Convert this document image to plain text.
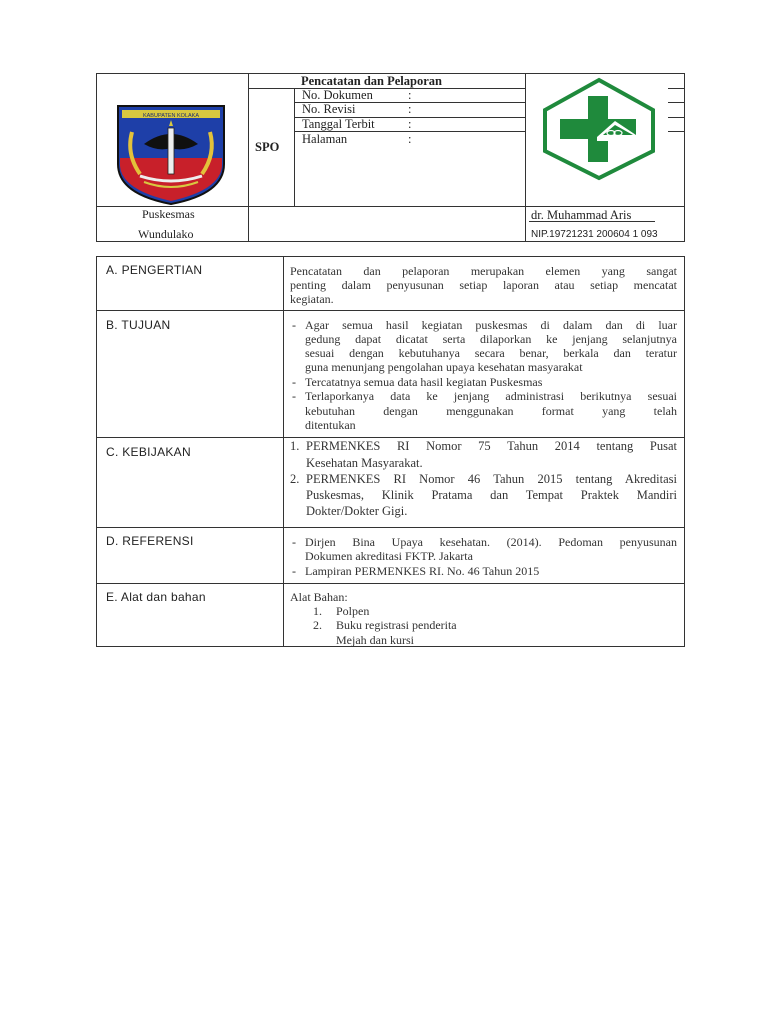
KABUPATEN KOLAKA
Pencatatan dan Pelaporan
SPO
No. Dokumen	:
No. Revisi	:
Tanggal Terbit	:
Halaman	:
Puskesmas
Wundulako
dr. Muhammad Aris
NIP.19721231 200604 1 093
A. PENGERTIAN	Pencatatan dan pelaporan merupakan elemen yang sangat
penting dalam penyusunan setiap laporan atau setiap mencatat
kegiatan.
B. TUJUAN	- Agar semua hasil kegiatan puskesmas di dalam dan di luar
gedung dapat dicatat serta dilaporkan ke jenjang selanjutnya
sesuai dengan kebutuhanya secara benar, berkala dan teratur
guna menunjang pengolahan upaya kesehatan masyarakat
- Tercatatnya semua data hasil kegiatan Puskesmas
- Terlaporkanya data ke jenjang administrasi berikutnya sesuai
kebutuhan dengan menggunakan format yang telah
ditentukan
C. KEBIJAKAN	1. PERMENKES RI Nomor 75 Tahun 2014 tentang Pusat
Kesehatan Masyarakat.
2. PERMENKES RI Nomor 46 Tahun 2015 tentang Akreditasi
Puskesmas, Klinik Pratama dan Tempat Praktek Mandiri
Dokter/Dokter Gigi.
D. REFERENSI	- Dirjen Bina Upaya kesehatan. (2014). Pedoman penyusunan
Dokumen akreditasi FKTP. Jakarta
- Lampiran PERMENKES RI. No. 46 Tahun 2015
E. Alat dan bahan	Alat Bahan:
1. Polpen
2. Buku registrasi penderita
Mejah dan kursi
